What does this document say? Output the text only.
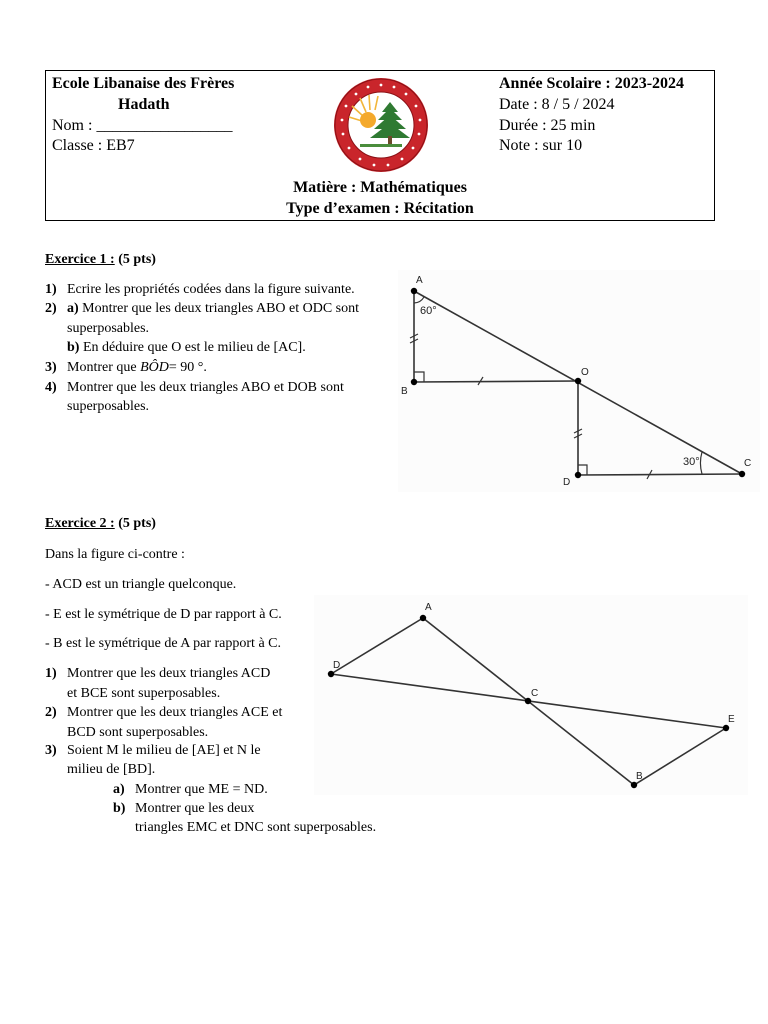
Ecole Libanaise des Frères
Hadath
Nom : _________________
Classe : EB7
Année Scolaire : 2023-2024
Date : 8 / 5 / 2024
Durée : 25 min
Note : sur 10
Matière : Mathématiques
Type d’examen : Récitation
Exercice 1 : (5 pts)
1) Ecrire les propriétés codées dans la figure suivante.
2) a) Montrer que les deux triangles ABO et ODC sont
superposables.
b) En déduire que O est le milieu de [AC].
3) Montrer que BÔD= 90 °.
4) Montrer que les deux triangles ABO et DOB sont
superposables.
A
B
O
C
D
60°
30°
Exercice 2 : (5 pts)
Dans la figure ci-contre :
- ACD est un triangle quelconque.
- E est le symétrique de D par rapport à C.
- B est le symétrique de A par rapport à C.
1) Montrer que les deux triangles ACD
et BCE sont superposables.
2) Montrer que les deux triangles ACE et
BCD sont superposables.
3) Soient M le milieu de [AE] et N le
milieu de [BD].
a) Montrer que ME = ND.
b) Montrer que les deux
triangles EMC et DNC sont superposables.
A
D
C
E
B
